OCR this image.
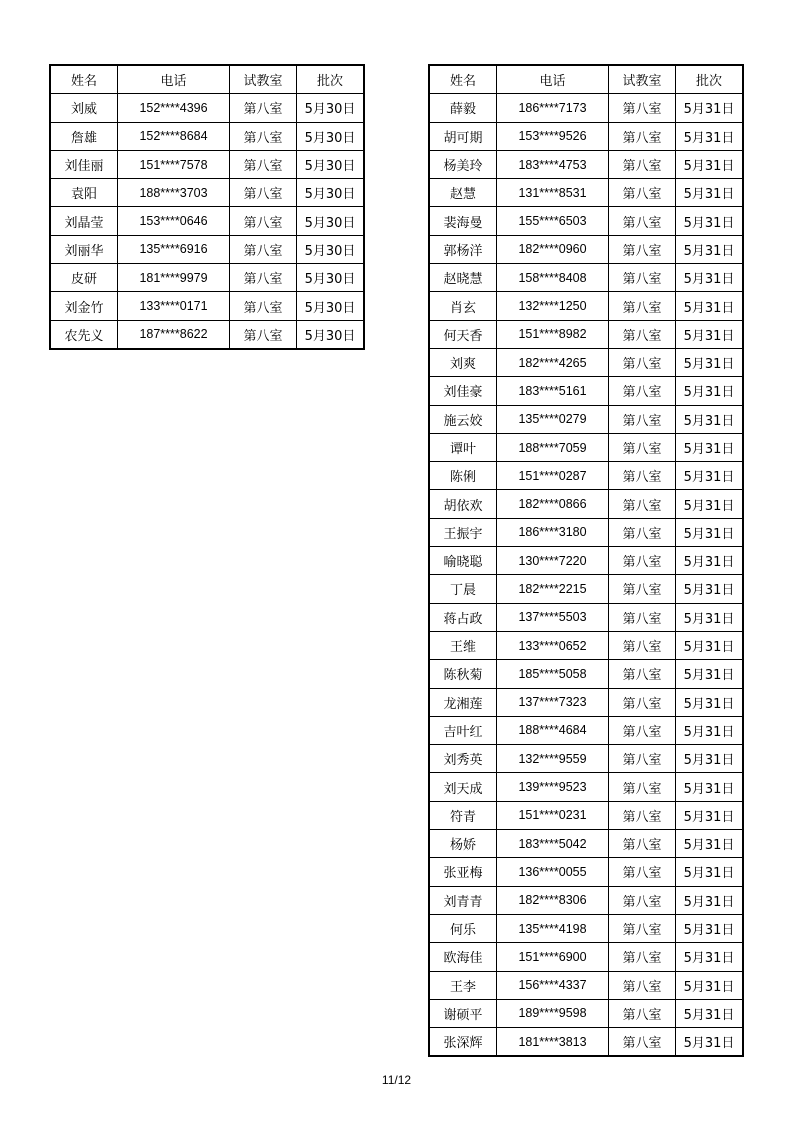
姓名	电话	试教室	批次
刘威	152****4396	第八室	5月30日
詹雄	152****8684	第八室	5月30日
刘佳丽	151****7578	第八室	5月30日
袁阳	188****3703	第八室	5月30日
刘晶莹	153****0646	第八室	5月30日
刘丽华	135****6916	第八室	5月30日
皮研	181****9979	第八室	5月30日
刘金竹	133****0171	第八室	5月30日
农先义	187****8622	第八室	5月30日
姓名	电话	试教室	批次
薛毅	186****7173	第八室	5月31日
胡可期	153****9526	第八室	5月31日
杨美玲	183****4753	第八室	5月31日
赵慧	131****8531	第八室	5月31日
裴海曼	155****6503	第八室	5月31日
郭杨洋	182****0960	第八室	5月31日
赵晓慧	158****8408	第八室	5月31日
肖玄	132****1250	第八室	5月31日
何天香	151****8982	第八室	5月31日
刘爽	182****4265	第八室	5月31日
刘佳豪	183****5161	第八室	5月31日
施云姣	135****0279	第八室	5月31日
谭叶	188****7059	第八室	5月31日
陈俐	151****0287	第八室	5月31日
胡依欢	182****0866	第八室	5月31日
王振宇	186****3180	第八室	5月31日
喻晓聪	130****7220	第八室	5月31日
丁晨	182****2215	第八室	5月31日
蒋占政	137****5503	第八室	5月31日
王维	133****0652	第八室	5月31日
陈秋菊	185****5058	第八室	5月31日
龙湘莲	137****7323	第八室	5月31日
吉叶红	188****4684	第八室	5月31日
刘秀英	132****9559	第八室	5月31日
刘天成	139****9523	第八室	5月31日
符青	151****0231	第八室	5月31日
杨娇	183****5042	第八室	5月31日
张亚梅	136****0055	第八室	5月31日
刘青青	182****8306	第八室	5月31日
何乐	135****4198	第八室	5月31日
欧海佳	151****6900	第八室	5月31日
王李	156****4337	第八室	5月31日
谢硕平	189****9598	第八室	5月31日
张深辉	181****3813	第八室	5月31日
11/12
